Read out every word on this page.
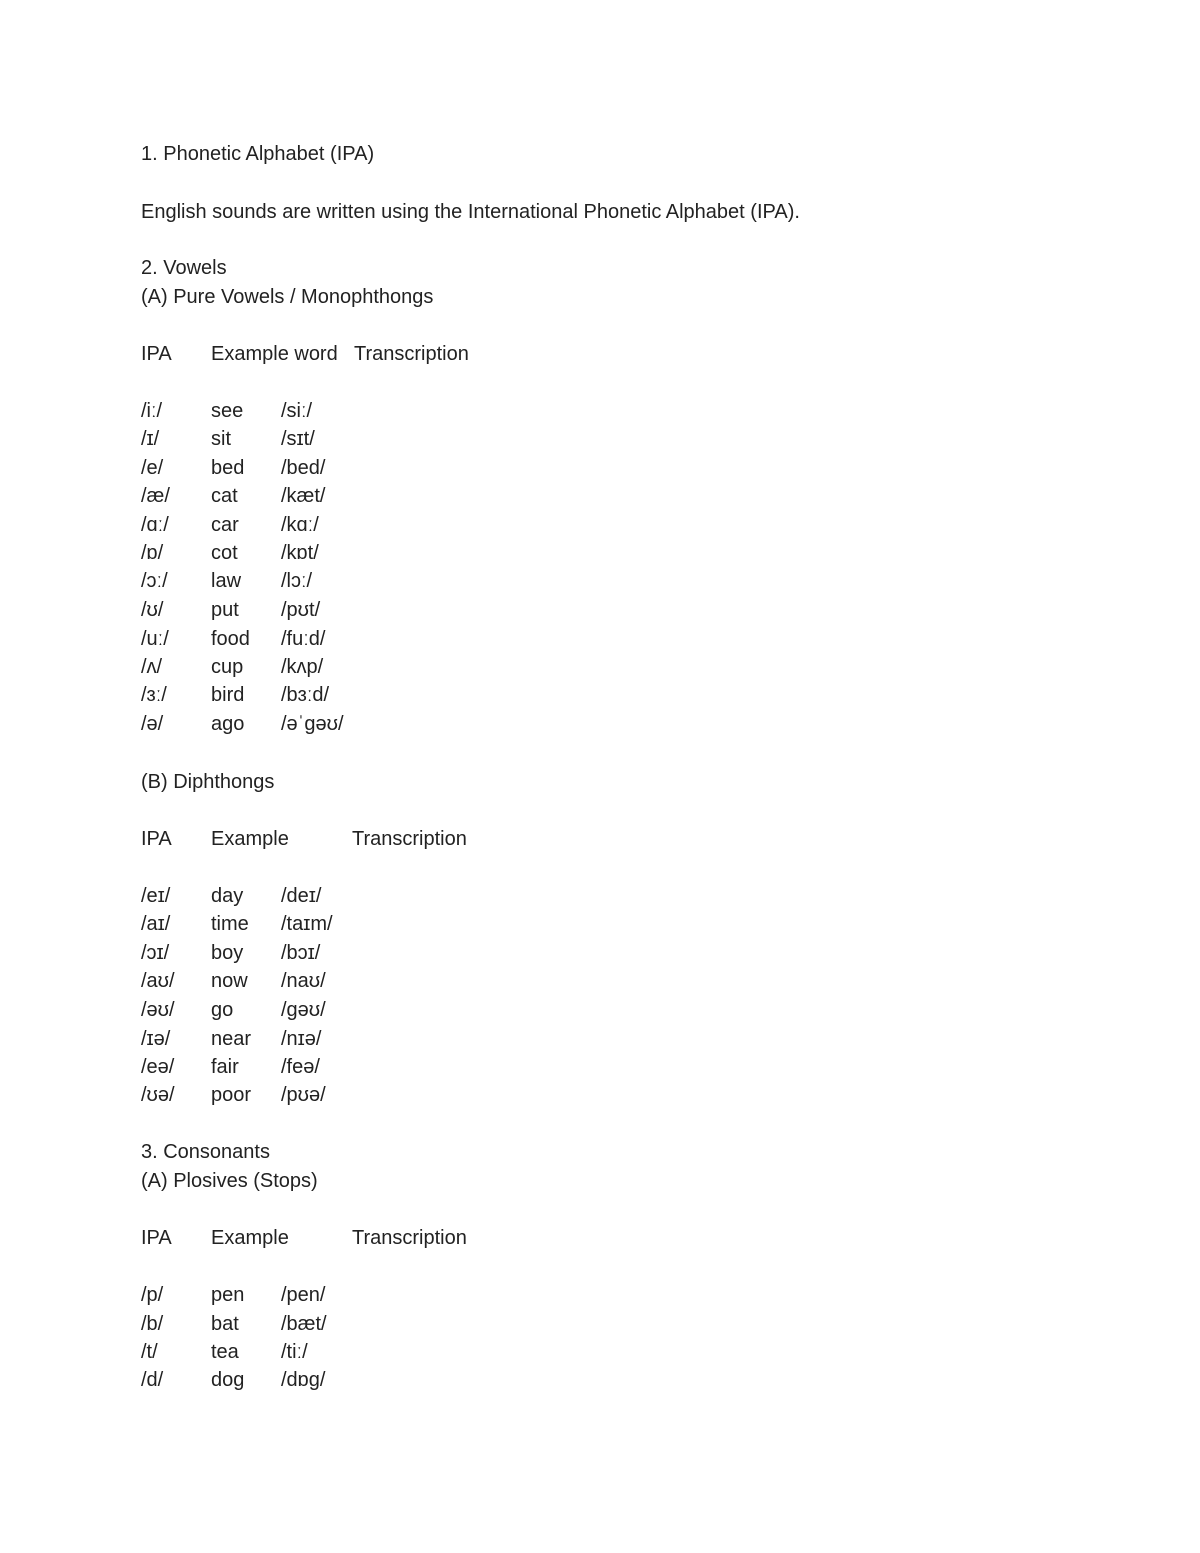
1. Phonetic Alphabet (IPA)
English sounds are written using the International Phonetic Alphabet (IPA).
2. Vowels
(A) Pure Vowels / Monophthongs
IPA Example word Transcription
/iː/ see /siː/
/ɪ/	sit	/sɪt/
/e/ bed /bed/
/æ/ cat /kæt/
/ɑː/ car /kɑː/
/ɒ/ cot /kɒt/
/ɔː/ law /lɔː/
/ʊ/ put /pʊt/
/uː/ food /fuːd/
/ʌ/ cup /kʌp/
/ɜː/ bird /bɜːd/
/ə/ ago /əˈɡəʊ/
(B) Diphthongs
IPA Example	Transcription
/eɪ/ day /deɪ/
/aɪ/ time /taɪm/
/ɔɪ/ boy /bɔɪ/
/aʊ/ now /naʊ/
/əʊ/ go /ɡəʊ/
/ɪə/ near /nɪə/
/eə/ fair /feə/
/ʊə/ poor /pʊə/
3. Consonants
(A) Plosives (Stops)
IPA Example	Transcription
/p/ pen /pen/
/b/ bat /bæt/
/t/	tea /tiː/
/d/ dog /dɒɡ/
